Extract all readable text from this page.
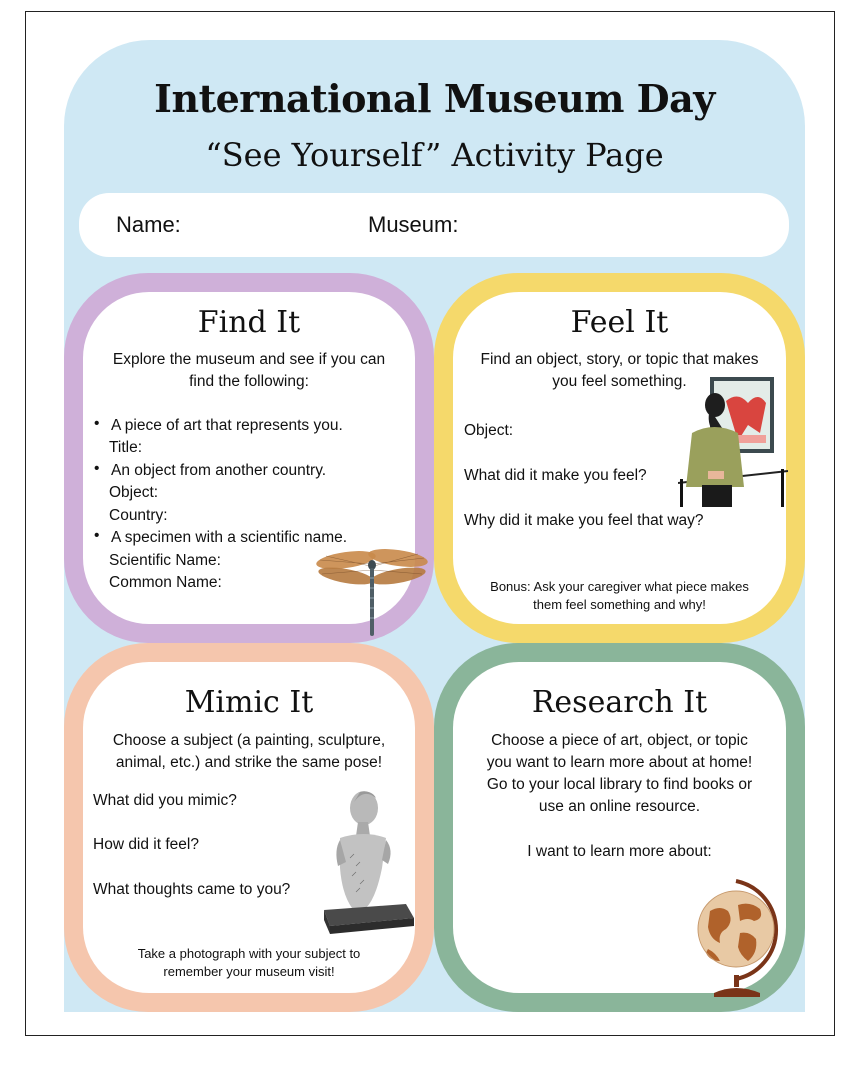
International Museum Day
“See Yourself” Activity Page
Name:	Museum:
Find It
Explore the museum and see if you can
find the following:
• A piece of art that represents you.
Title:
• An object from another country.
Object:
Country:
• A specimen with a scientific name.
Scientific Name:
Common Name:
Feel It
Find an object, story, or topic that makes
you feel something.
Object:
What did it make you feel?
Why did it make you feel that way?
Bonus: Ask your caregiver what piece makes
them feel something and why!
Mimic It
Choose a subject (a painting, sculpture,
animal, etc.) and strike the same pose!
What did you mimic?
How did it feel?
What thoughts came to you?
Take a photograph with your subject to
remember your museum visit!
Research It
Choose a piece of art, object, or topic
you want to learn more about at home!
Go to your local library to find books or
use an online resource.
I want to learn more about:
